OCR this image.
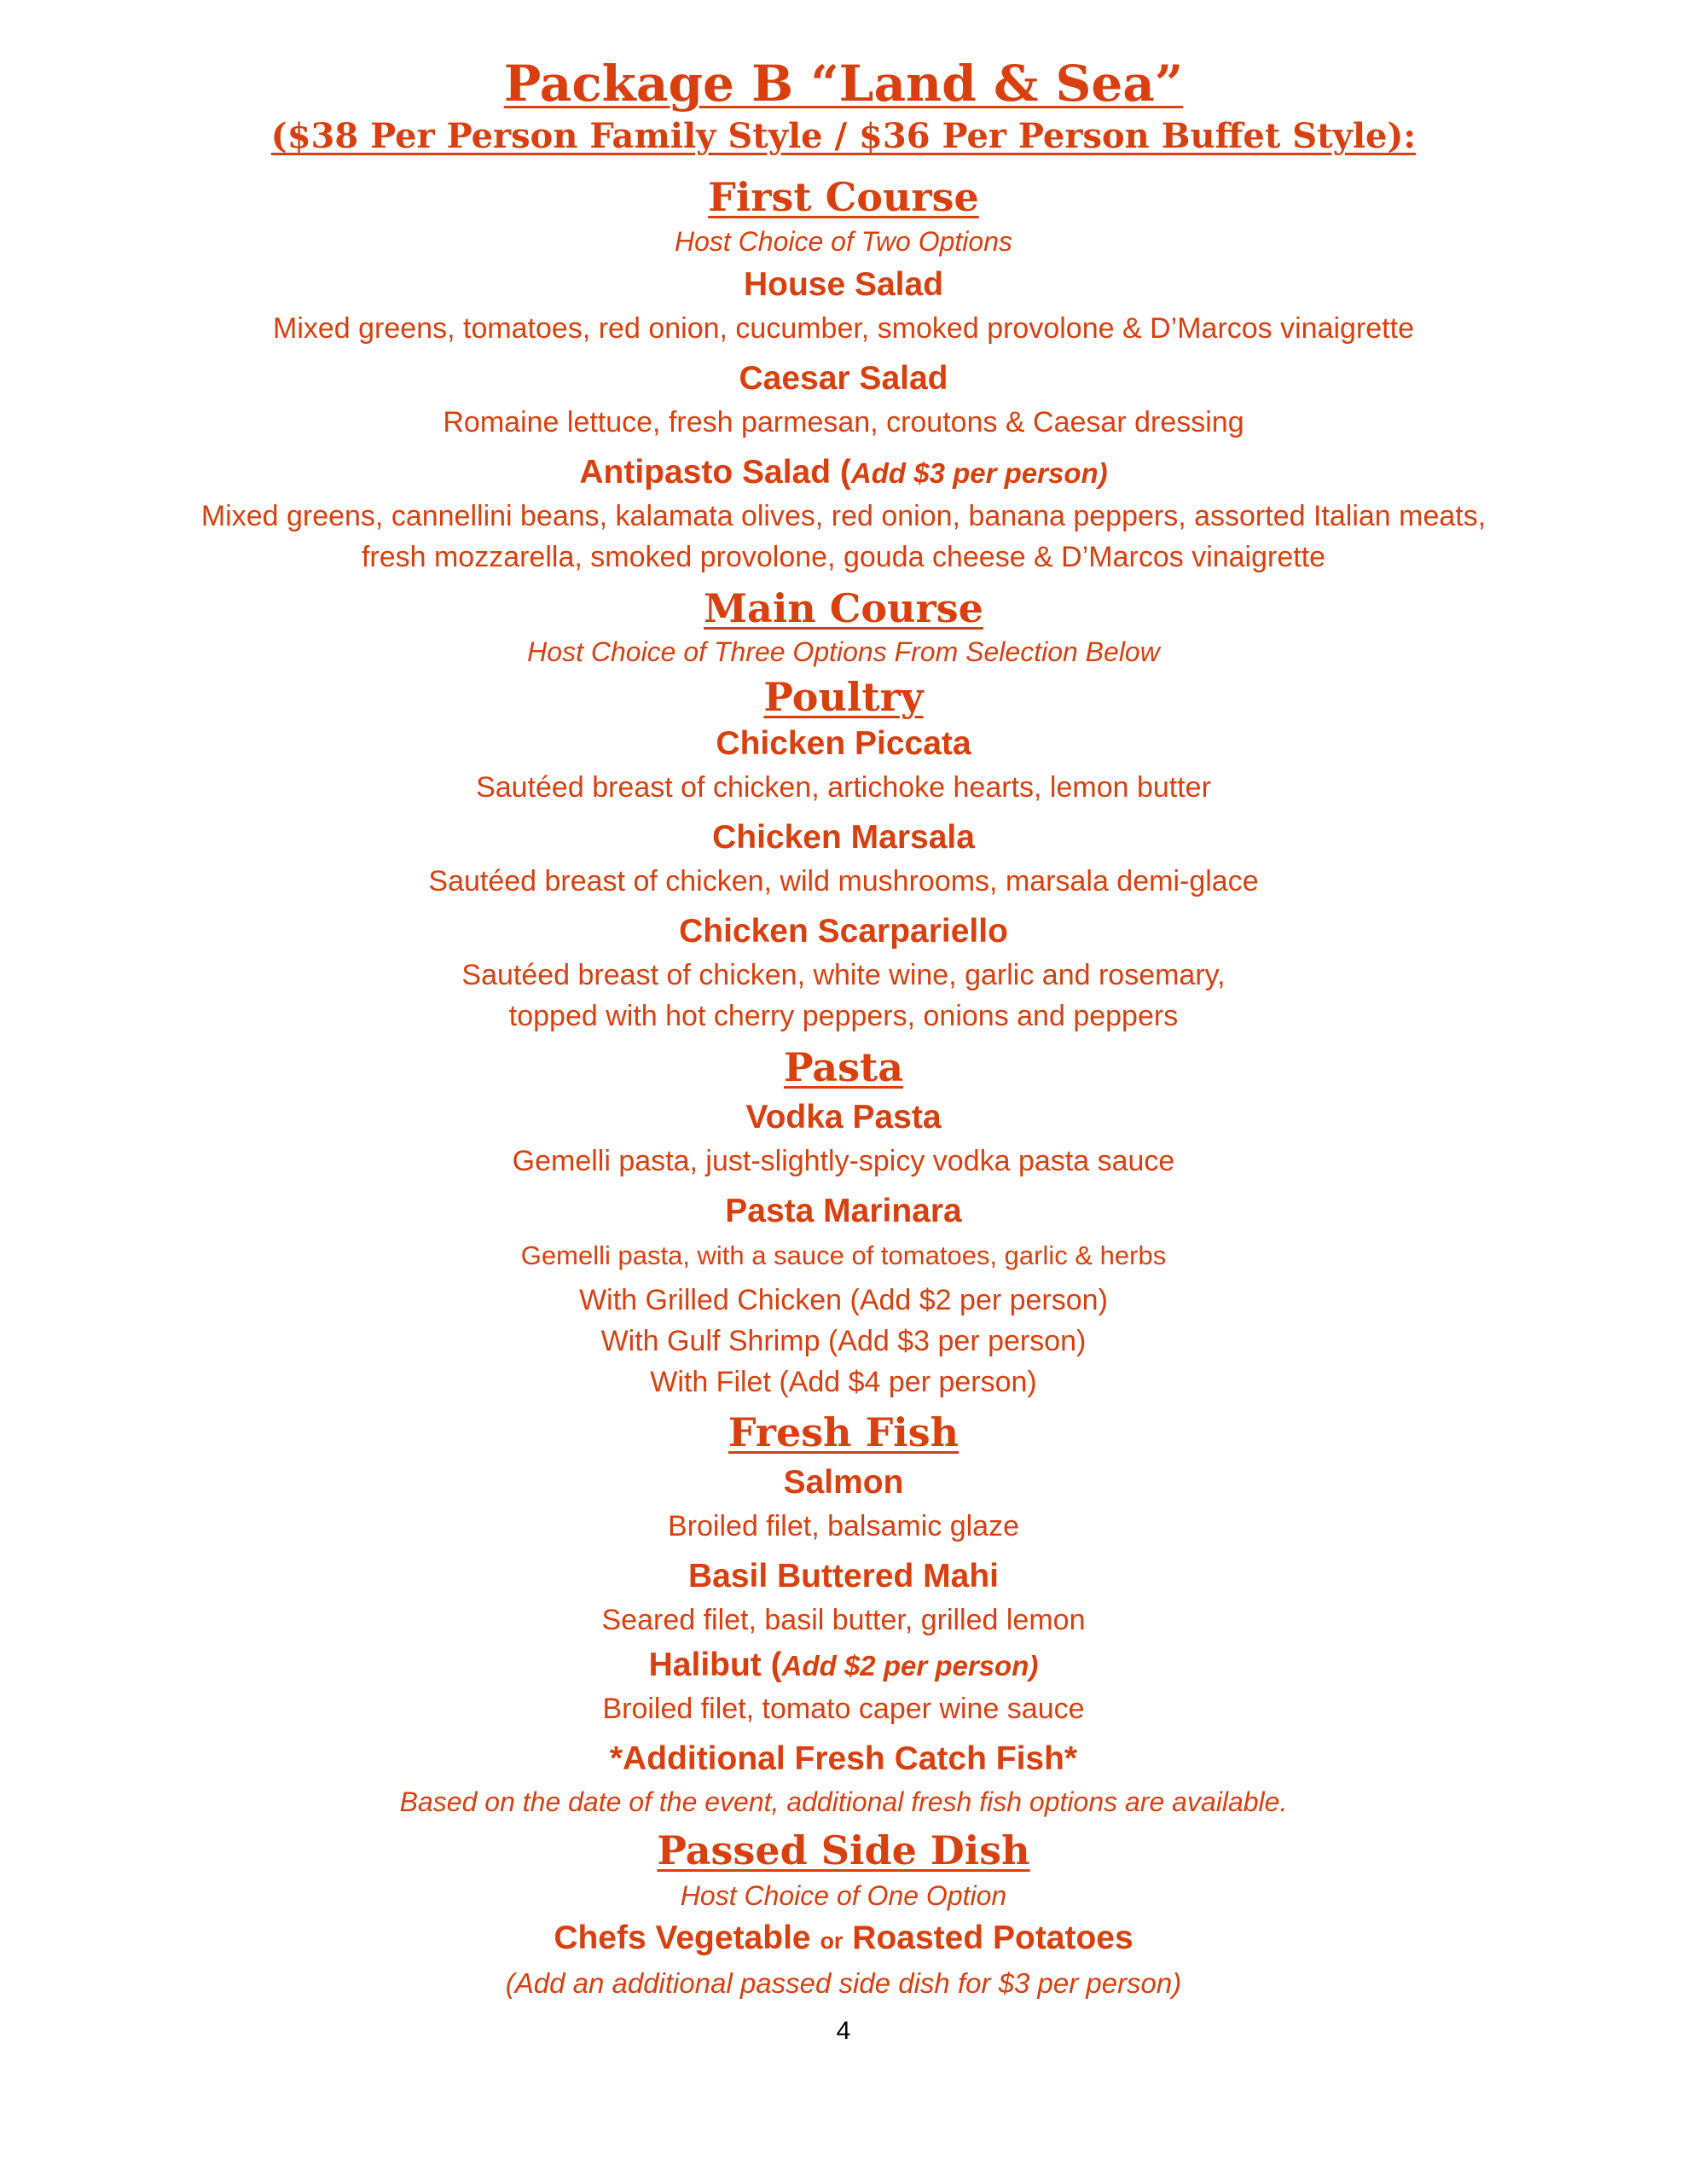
Package B “Land & Sea”
($38 Per Person Family Style / $36 Per Person Buffet Style):
First Course
Host Choice of Two Options
House Salad
Mixed greens, tomatoes, red onion, cucumber, smoked provolone & D’Marcos vinaigrette
Caesar Salad
Romaine lettuce, fresh parmesan, croutons & Caesar dressing
Antipasto Salad (Add $3 per person)
Mixed greens, cannellini beans, kalamata olives, red onion, banana peppers, assorted Italian meats,
fresh mozzarella, smoked provolone, gouda cheese & D’Marcos vinaigrette
Main Course
Host Choice of Three Options From Selection Below
Poultry
Chicken Piccata
Sautéed breast of chicken, artichoke hearts, lemon butter
Chicken Marsala
Sautéed breast of chicken, wild mushrooms, marsala demi-glace
Chicken Scarpariello
Sautéed breast of chicken, white wine, garlic and rosemary,
topped with hot cherry peppers, onions and peppers
Pasta
Vodka Pasta
Gemelli pasta, just-slightly-spicy vodka pasta sauce
Pasta Marinara
Gemelli pasta, with a sauce of tomatoes, garlic & herbs
With Grilled Chicken (Add $2 per person)
With Gulf Shrimp (Add $3 per person)
With Filet (Add $4 per person)
Fresh Fish
Salmon
Broiled filet, balsamic glaze
Basil Buttered Mahi
Seared filet, basil butter, grilled lemon
Halibut (Add $2 per person)
Broiled filet, tomato caper wine sauce
*Additional Fresh Catch Fish*
Based on the date of the event, additional fresh fish options are available.
Passed Side Dish
Host Choice of One Option
Chefs Vegetable or Roasted Potatoes
(Add an additional passed side dish for $3 per person)
4
